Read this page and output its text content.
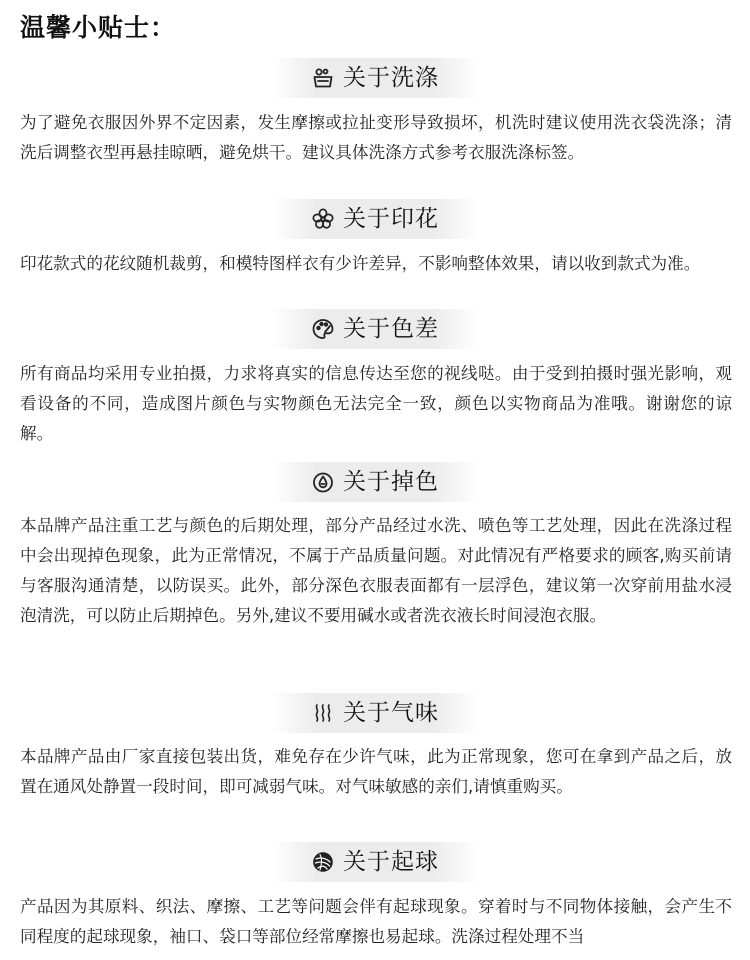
温馨小贴士：
关于洗涤

为了避免衣服因外界不定因素，发生摩擦或拉扯变形导致损坏，机洗时建议使用洗衣袋洗涤；清洗后调整衣型再悬挂晾晒，避免烘干。建议具体洗涤方式参考衣服洗涤标签。

关于印花

印花款式的花纹随机裁剪，和模特图样衣有少许差异，不影响整体效果，请以收到款式为准。

关于色差

所有商品均采用专业拍摄，力求将真实的信息传达至您的视线哒。由于受到拍摄时强光影响，观看设备的不同，造成图片颜色与实物颜色无法完全一致，颜色以实物商品为准哦。谢谢您的谅解。

关于掉色

本品牌产品注重工艺与颜色的后期处理，部分产品经过水洗、喷色等工艺处理，因此在洗涤过程中会出现掉色现象，此为正常情况，不属于产品质量问题。对此情况有严格要求的顾客,购买前请与客服沟通清楚，以防误买。此外，部分深色衣服表面都有一层浮色，建议第一次穿前用盐水浸泡清洗，可以防止后期掉色。另外,建议不要用碱水或者洗衣液长时间浸泡衣服。

关于气味

本品牌产品由厂家直接包装出货，难免存在少许气味，此为正常现象，您可在拿到产品之后，放置在通风处静置一段时间，即可减弱气味。对气味敏感的亲们,请慎重购买。

关于起球

产品因为其原料、织法、摩擦、工艺等问题会伴有起球现象。穿着时与不同物体接触，会产生不同程度的起球现象，袖口、袋口等部位经常摩擦也易起球。洗涤过程处理不当
